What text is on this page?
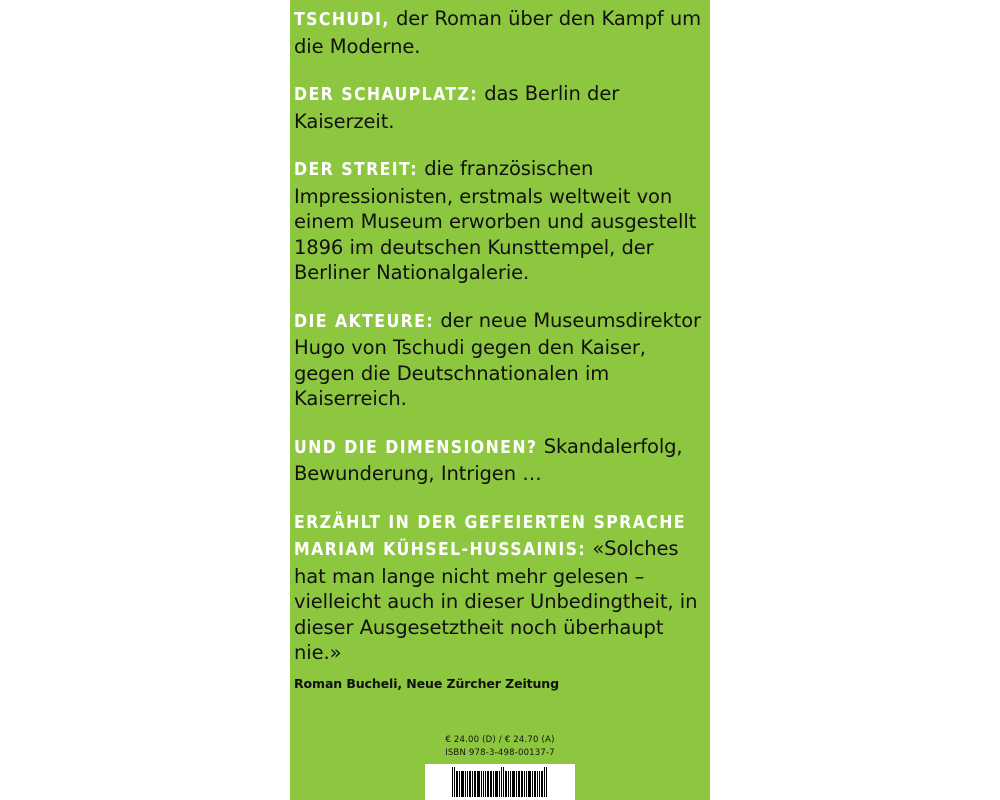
TSCHUDI, der Roman über den Kampf um die Moderne.

DER SCHAUPLATZ: das Berlin der Kaiserzeit.

DER STREIT: die französischen Impressionisten, erstmals weltweit von einem Museum erworben und ausgestellt 1896 im deutschen Kunsttempel, der Berliner Nationalgalerie.

DIE AKTEURE: der neue Museumsdirektor Hugo von Tschudi gegen den Kaiser, gegen die Deutschnationalen im Kaiserreich.

UND DIE DIMENSIONEN? Skandalerfolg, Bewunderung, Intrigen …

ERZÄHLT IN DER GEFEIERTEN SPRACHE MARIAM KÜHSEL-HUSSAINIS: «Solches hat man lange nicht mehr gelesen – vielleicht auch in dieser Unbedingtheit, in dieser Ausgesetztheit noch überhaupt nie.»

Roman Bucheli, Neue Zürcher Zeitung

€ 24.00 (D) / € 24.70 (A)

ISBN 978-3-498-00137-7
